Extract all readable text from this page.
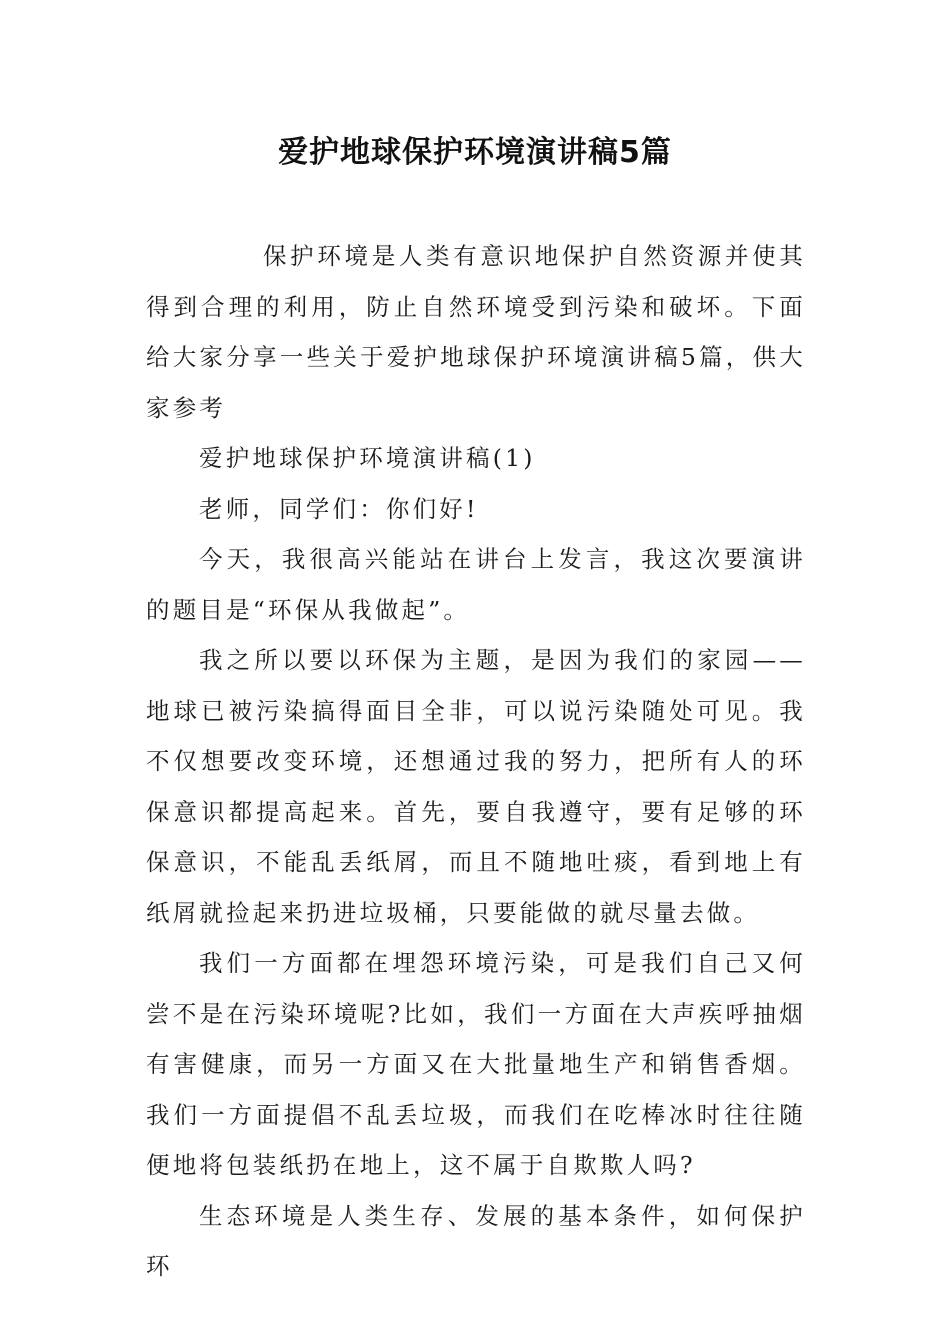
爱护地球保护环境演讲稿5篇

保护环境是人类有意识地保护自然资源并使其得到合理的利用，防止自然环境受到污染和破坏。下面给大家分享一些关于爱护地球保护环境演讲稿5篇，供大家参考

爱护地球保护环境演讲稿(1)

老师，同学们：你们好!

今天，我很高兴能站在讲台上发言，我这次要演讲的题目是“环保从我做起”。

我之所以要以环保为主题，是因为我们的家园——地球已被污染搞得面目全非，可以说污染随处可见。我不仅想要改变环境，还想通过我的努力，把所有人的环保意识都提高起来。首先，要自我遵守，要有足够的环保意识，不能乱丢纸屑，而且不随地吐痰，看到地上有纸屑就捡起来扔进垃圾桶，只要能做的就尽量去做。

我们一方面都在埋怨环境污染，可是我们自己又何尝不是在污染环境呢?比如，我们一方面在大声疾呼抽烟有害健康，而另一方面又在大批量地生产和销售香烟。我们一方面提倡不乱丢垃圾，而我们在吃棒冰时往往随便地将包装纸扔在地上，这不属于自欺欺人吗?

生态环境是人类生存、发展的基本条件，如何保护环
